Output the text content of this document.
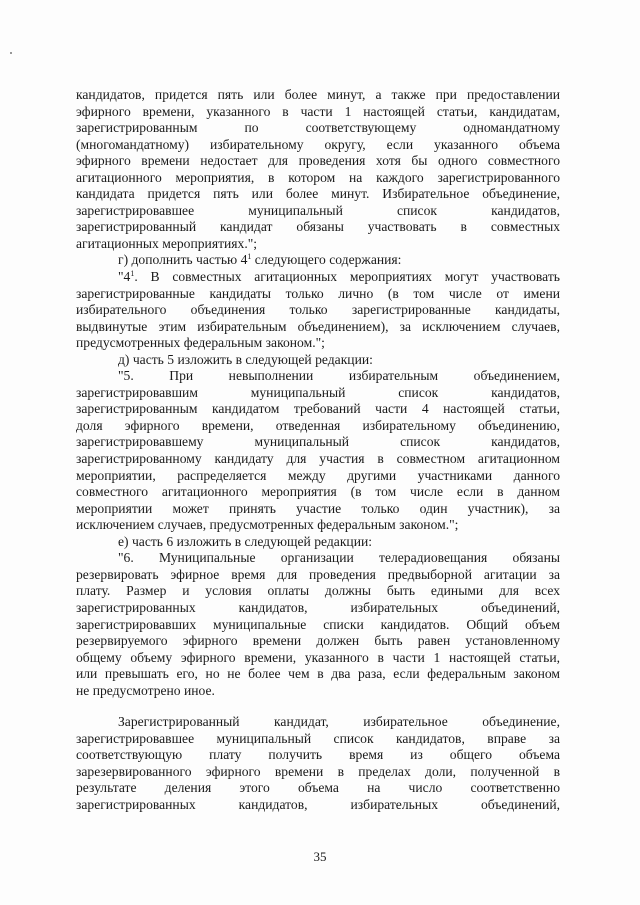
кандидатов, придется пять или более минут, а также при предоставлении
эфирного времени, указанного в части 1 настоящей статьи, кандидатам,
зарегистрированным по соответствующему одномандатному
(многомандатному) избирательному округу, если указанного объема
эфирного времени недостает для проведения хотя бы одного совместного
агитационного мероприятия, в котором на каждого зарегистрированного
кандидата придется пять или более минут. Избирательное объединение,
зарегистрировавшее муниципальный список кандидатов,
зарегистрированный кандидат обязаны участвовать в совместных
агитационных мероприятиях.";
г) дополнить частью $4^1$ следующего содержания:
"$4^1$. В совместных агитационных мероприятиях могут участвовать
зарегистрированные кандидаты только лично (в том числе от имени
избирательного объединения только зарегистрированные кандидаты,
выдвинутые этим избирательным объединением), за исключением случаев,
предусмотренных федеральным законом.";
д) часть 5 изложить в следующей редакции:
"5. При невыполнении избирательным объединением,
зарегистрировавшим муниципальный список кандидатов,
зарегистрированным кандидатом требований части 4 настоящей статьи,
доля эфирного времени, отведенная избирательному объединению,
зарегистрировавшему муниципальный список кандидатов,
зарегистрированному кандидату для участия в совместном агитационном
мероприятии, распределяется между другими участниками данного
совместного агитационного мероприятия (в том числе если в данном
мероприятии может принять участие только один участник), за
исключением случаев, предусмотренных федеральным законом.";
е) часть 6 изложить в следующей редакции:
"6. Муниципальные организации телерадиовещания обязаны
резервировать эфирное время для проведения предвыборной агитации за
плату. Размер и условия оплаты должны быть едиными для всех
зарегистрированных кандидатов, избирательных объединений,
зарегистрировавших муниципальные списки кандидатов. Общий объем
резервируемого эфирного времени должен быть равен установленному
общему объему эфирного времени, указанного в части 1 настоящей статьи,
или превышать его, но не более чем в два раза, если федеральным законом
не предусмотрено иное.
Зарегистрированный кандидат, избирательное объединение,
зарегистрировавшее муниципальный список кандидатов, вправе за
соответствующую плату получить время из общего объема
зарезервированного эфирного времени в пределах доли, полученной в
результате деления этого объема на число соответственно
зарегистрированных кандидатов, избирательных объединений,
35
